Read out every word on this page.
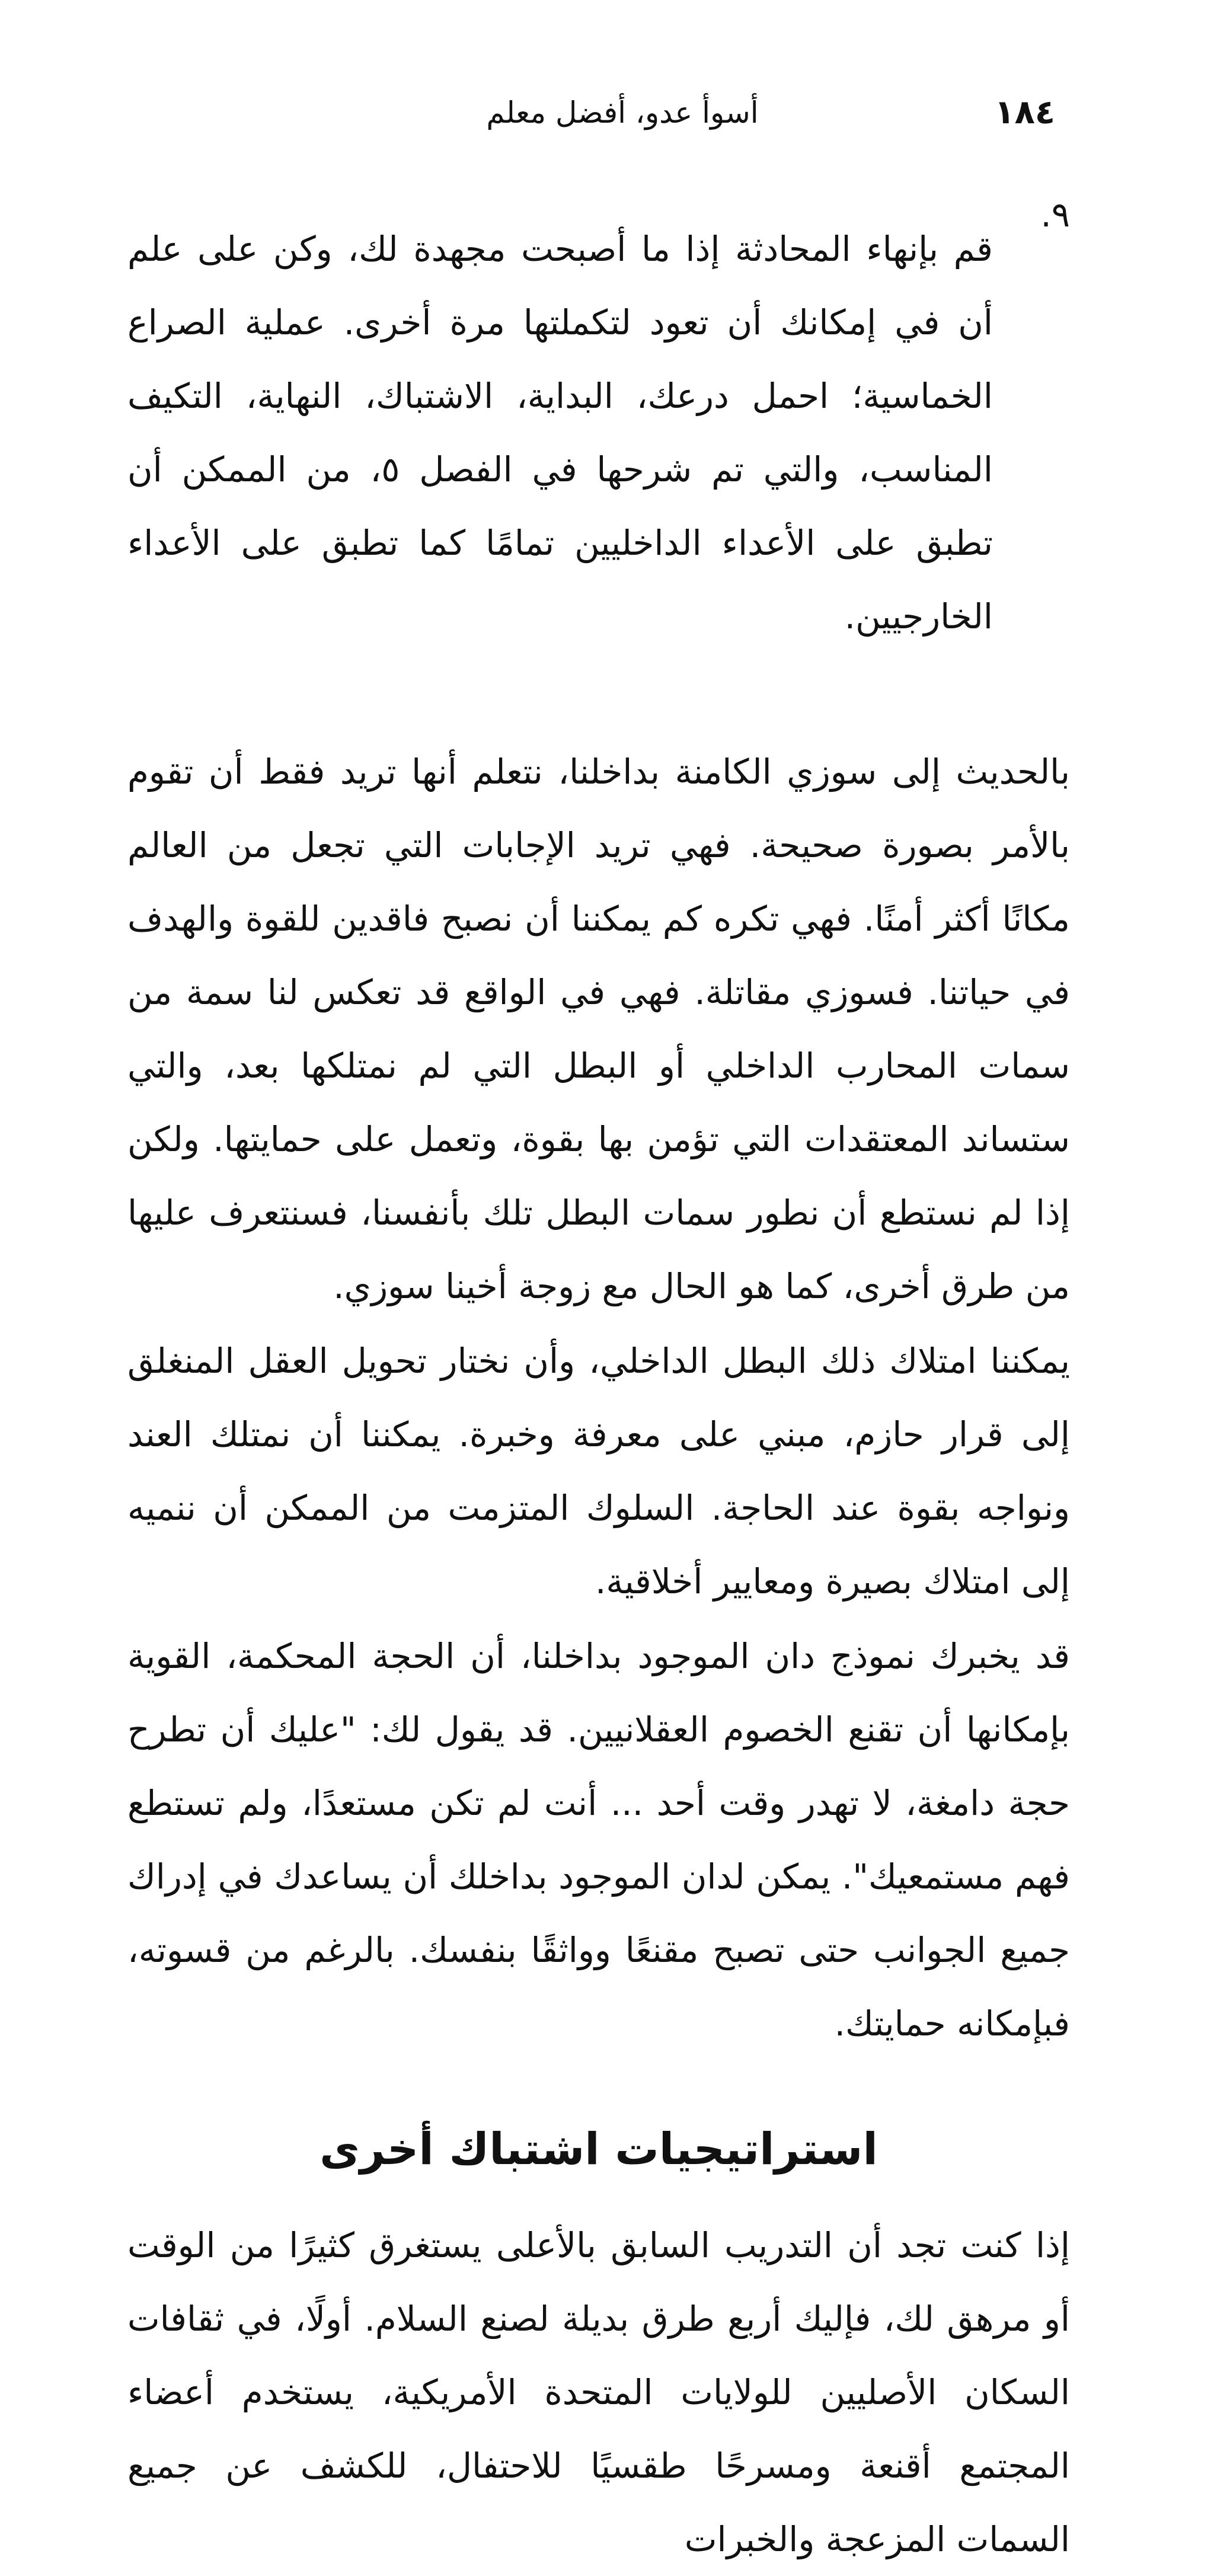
١٨٤
أسوأ عدو، أفضل معلم
٩.

قم بإنهاء المحادثة إذا ما أصبحت مجهدة لك، وكن على علم أن في إمكانك أن تعود لتكملتها مرة أخرى. عملية الصراع الخماسية؛ احمل درعك، البداية، الاشتباك، النهاية، التكيف المناسب، والتي تم شرحها في الفصل ٥، من الممكن أن تطبق على الأعداء الداخليين تمامًا كما تطبق على الأعداء الخارجيين.

بالحديث إلى سوزي الكامنة بداخلنا، نتعلم أنها تريد فقط أن تقوم بالأمر بصورة صحيحة. فهي تريد الإجابات التي تجعل من العالم مكانًا أكثر أمنًا. فهي تكره كم يمكننا أن نصبح فاقدين للقوة والهدف في حياتنا. فسوزي مقاتلة. فهي في الواقع قد تعكس لنا سمة من سمات المحارب الداخلي أو البطل التي لم نمتلكها بعد، والتي ستساند المعتقدات التي تؤمن بها بقوة، وتعمل على حمايتها. ولكن إذا لم نستطع أن نطور سمات البطل تلك بأنفسنا، فسنتعرف عليها من طرق أخرى، كما هو الحال مع زوجة أخينا سوزي.

يمكننا امتلاك ذلك البطل الداخلي، وأن نختار تحويل العقل المنغلق إلى قرار حازم، مبني على معرفة وخبرة. يمكننا أن نمتلك العند ونواجه بقوة عند الحاجة. السلوك المتزمت من الممكن أن ننميه إلى امتلاك بصيرة ومعايير أخلاقية.

قد يخبرك نموذج دان الموجود بداخلنا، أن الحجة المحكمة، القوية بإمكانها أن تقنع الخصوم العقلانيين. قد يقول لك: "عليك أن تطرح حجة دامغة، لا تهدر وقت أحد ... أنت لم تكن مستعدًا، ولم تستطع فهم مستمعيك". يمكن لدان الموجود بداخلك أن يساعدك في إدراك جميع الجوانب حتى تصبح مقنعًا وواثقًا بنفسك. بالرغم من قسوته، فبإمكانه حمايتك.

استراتيجيات اشتباك أخرى

إذا كنت تجد أن التدريب السابق بالأعلى يستغرق كثيرًا من الوقت أو مرهق لك، فإليك أربع طرق بديلة لصنع السلام. أولًا، في ثقافات السكان الأصليين للولايات المتحدة الأمريكية، يستخدم أعضاء المجتمع أقنعة ومسرحًا طقسيًا للاحتفال، للكشف عن جميع السمات المزعجة والخبرات
